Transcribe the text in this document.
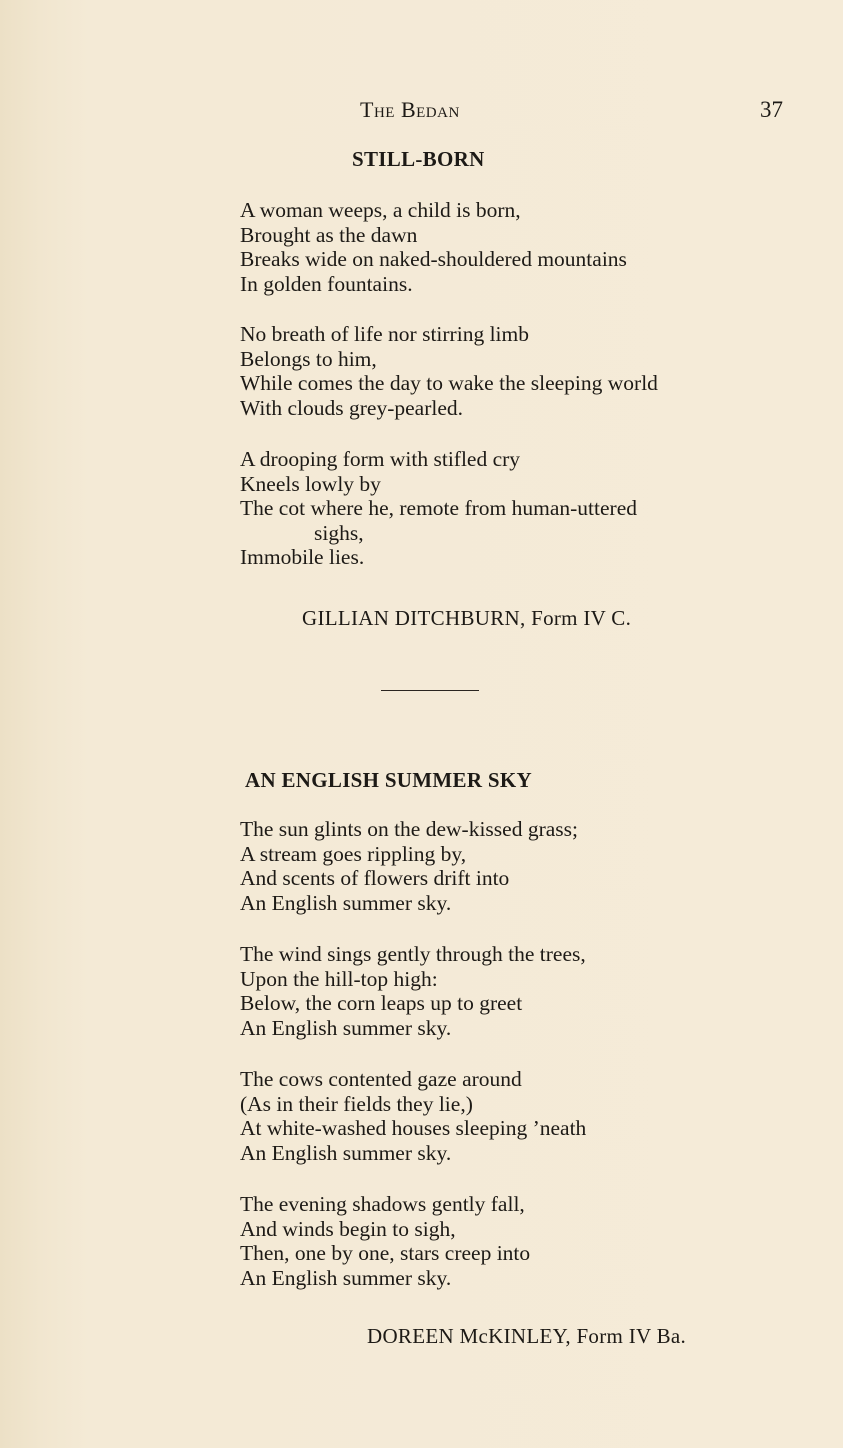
The Bedan	37
STILL-BORN
A woman weeps, a child is born,
Brought as the dawn
Breaks wide on naked-shouldered mountains
In golden fountains.
No breath of life nor stirring limb
Belongs to him,
While comes the day to wake the sleeping world
With clouds grey-pearled.
A drooping form with stifled cry
Kneels lowly by
The cot where he, remote from human-uttered
sighs,
Immobile lies.
GILLIAN DITCHBURN, Form IV C.
AN ENGLISH SUMMER SKY
The sun glints on the dew-kissed grass;
A stream goes rippling by,
And scents of flowers drift into
An English summer sky.
The wind sings gently through the trees,
Upon the hill-top high:
Below, the corn leaps up to greet
An English summer sky.
The cows contented gaze around
(As in their fields they lie,)
At white-washed houses sleeping ’neath
An English summer sky.
The evening shadows gently fall,
And winds begin to sigh,
Then, one by one, stars creep into
An English summer sky.
DOREEN McKINLEY, Form IV Ba.
